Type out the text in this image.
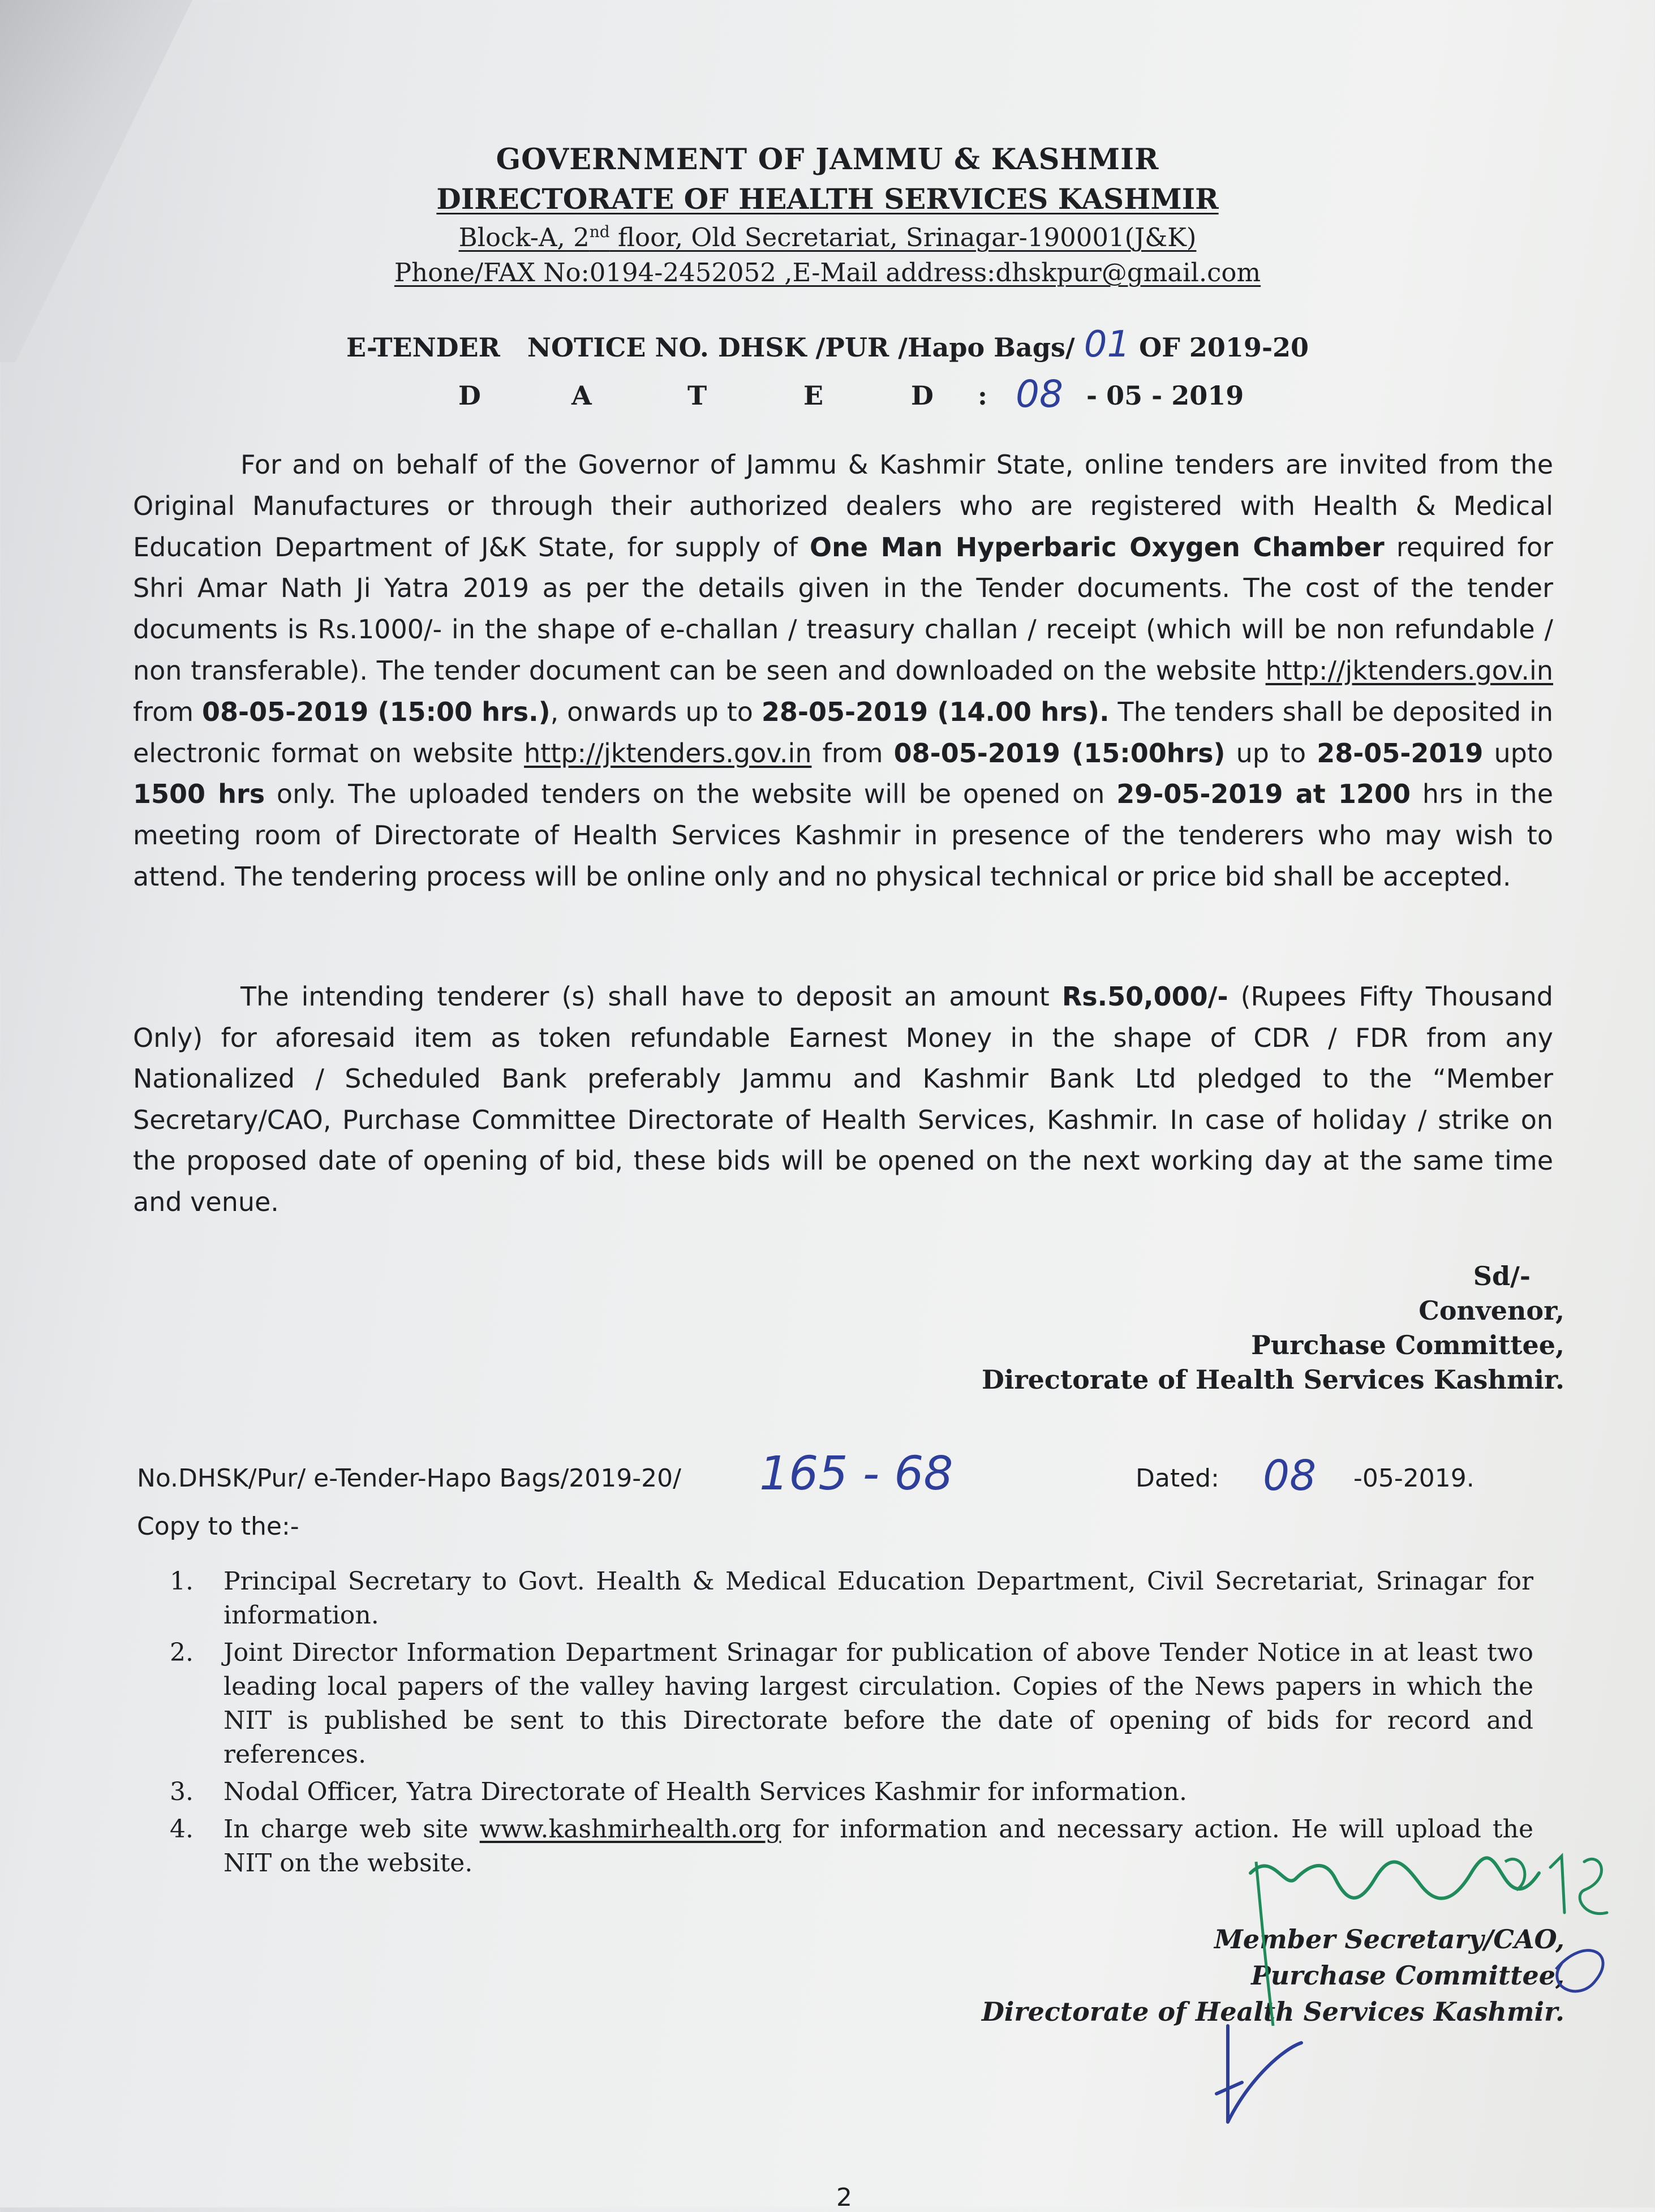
GOVERNMENT OF JAMMU & KASHMIR
DIRECTORATE OF HEALTH SERVICES KASHMIR
Block-A, 2nd floor, Old Secretariat, Srinagar-190001(J&K)
Phone/FAX No:0194-2452052 ,E-Mail address:dhskpur@gmail.com
E-TENDER   NOTICE NO. DHSK /PUR /Hapo Bags/ 01 OF 2019-20
D	A	T	E	D : 08 - 05 - 2019
For and on behalf of the Governor of Jammu & Kashmir State, online tenders are invited from the Original Manufactures or through their authorized dealers who are registered with Health & Medical Education Department of J&K State, for supply of One Man Hyperbaric Oxygen Chamber required for Shri Amar Nath Ji Yatra 2019 as per the details given in the Tender documents. The cost of the tender documents is Rs.1000/- in the shape of e-challan / treasury challan / receipt (which will be non refundable / non transferable). The tender document can be seen and downloaded on the website http://jktenders.gov.in from 08-05-2019 (15:00 hrs.), onwards up to 28-05-2019 (14.00 hrs). The tenders shall be deposited in electronic format on website http://jktenders.gov.in from 08-05-2019 (15:00hrs) up to 28-05-2019 upto 1500 hrs only. The uploaded tenders on the website will be opened on 29-05-2019 at 1200 hrs in the meeting room of Directorate of Health Services Kashmir in presence of the tenderers who may wish to attend. The tendering process will be online only and no physical technical or price bid shall be accepted.
The intending tenderer (s) shall have to deposit an amount Rs.50,000/- (Rupees Fifty Thousand Only) for aforesaid item as token refundable Earnest Money in the shape of CDR / FDR from any Nationalized / Scheduled Bank preferably Jammu and Kashmir Bank Ltd pledged to the “Member Secretary/CAO, Purchase Committee Directorate of Health Services, Kashmir. In case of holiday / strike on the proposed date of opening of bid, these bids will be opened on the next working day at the same time and venue.
Sd/-
Convenor,
Purchase Committee,
Directorate of Health Services Kashmir.
No.DHSK/Pur/ e-Tender-Hapo Bags/2019-20/ 165 - 68	Dated: 08 -05-2019.
Copy to the:-
1. Principal Secretary to Govt. Health & Medical Education Department, Civil Secretariat, Srinagar for information.
2. Joint Director Information Department Srinagar for publication of above Tender Notice in at least two leading local papers of the valley having largest circulation. Copies of the News papers in which the NIT is published be sent to this Directorate before the date of opening of bids for record and references.
3. Nodal Officer, Yatra Directorate of Health Services Kashmir for information.
4. In charge web site www.kashmirhealth.org for information and necessary action. He will upload the NIT on the website.
Member Secretary/CAO,
Purchase Committee,
Directorate of Health Services Kashmir.
2
